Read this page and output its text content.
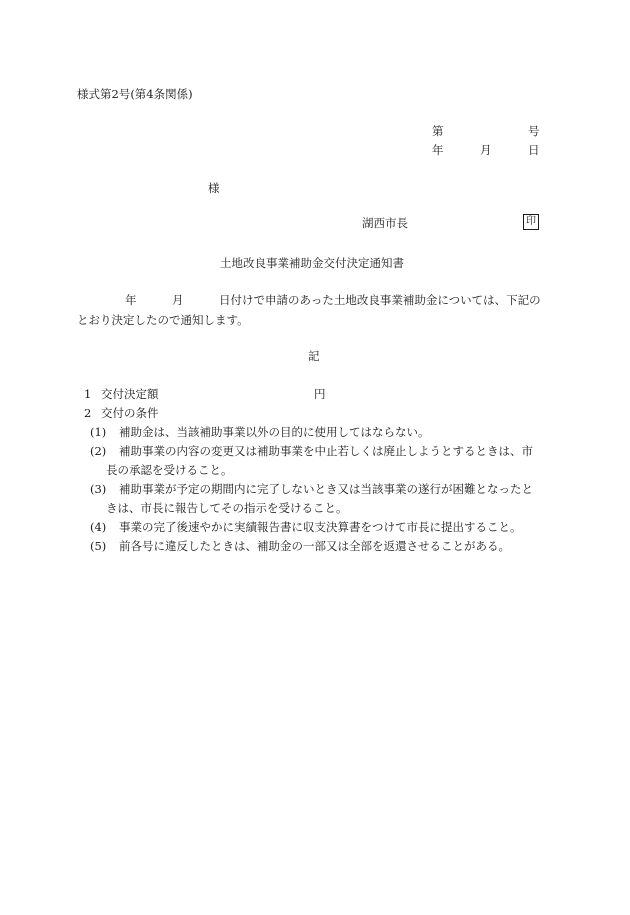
様式第2号(第4条関係)
第	号
年	月	日
様
湖西市長	印
土地改良事業補助金交付決定通知書
年	月	日付けで申請のあった土地改良事業補助金については、下記の
とおり決定したので通知します。
記
1 交付決定額	円
2 交付の条件
(1) 補助金は、当該補助事業以外の目的に使用してはならない。
(2) 補助事業の内容の変更又は補助事業を中止若しくは廃止しようとするときは、市
長の承認を受けること。
(3) 補助事業が予定の期間内に完了しないとき又は当該事業の遂行が困難となったと
きは、市長に報告してその指示を受けること。
(4) 事業の完了後速やかに実績報告書に収支決算書をつけて市長に提出すること。
(5) 前各号に違反したときは、補助金の一部又は全部を返還させることがある。
